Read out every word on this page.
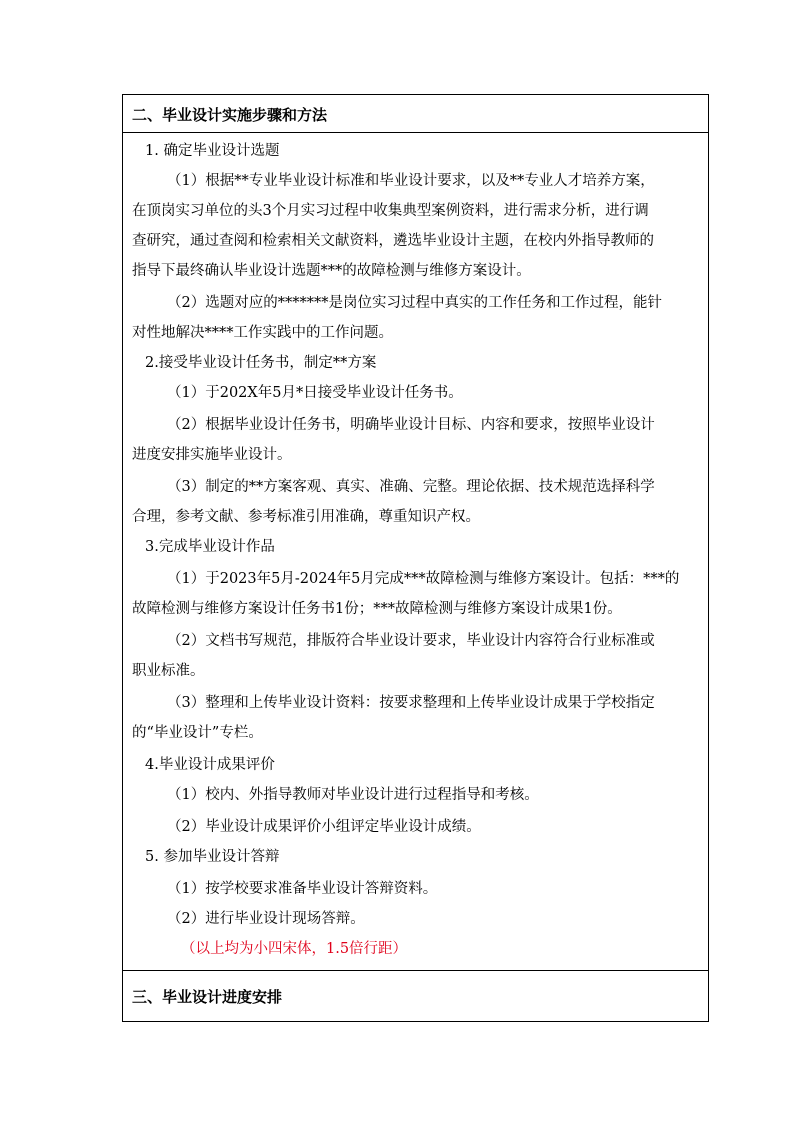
二、毕业设计实施步骤和方法
1. 确定毕业设计选题
（1）根据**专业毕业设计标准和毕业设计要求，以及**专业人才培养方案，
在顶岗实习单位的头3个月实习过程中收集典型案例资料，进行需求分析，进行调
查研究，通过查阅和检索相关文献资料，遴选毕业设计主题，在校内外指导教师的
指导下最终确认毕业设计选题***的故障检测与维修方案设计。
（2）选题对应的*******是岗位实习过程中真实的工作任务和工作过程，能针
对性地解决****工作实践中的工作问题。
2.接受毕业设计任务书，制定**方案
（1）于202X年5月*日接受毕业设计任务书。
（2）根据毕业设计任务书，明确毕业设计目标、内容和要求，按照毕业设计
进度安排实施毕业设计。
（3）制定的**方案客观、真实、准确、完整。理论依据、技术规范选择科学
合理，参考文献、参考标准引用准确，尊重知识产权。
3.完成毕业设计作品
（1）于2023年5月-2024年5月完成***故障检测与维修方案设计。包括：***的
故障检测与维修方案设计任务书1份；***故障检测与维修方案设计成果1份。
（2）文档书写规范，排版符合毕业设计要求，毕业设计内容符合行业标准或
职业标准。
（3）整理和上传毕业设计资料：按要求整理和上传毕业设计成果于学校指定
的“毕业设计”专栏。
4.毕业设计成果评价
（1）校内、外指导教师对毕业设计进行过程指导和考核。
（2）毕业设计成果评价小组评定毕业设计成绩。
5. 参加毕业设计答辩
（1）按学校要求准备毕业设计答辩资料。
（2）进行毕业设计现场答辩。
（以上均为小四宋体，1.5倍行距）
三、毕业设计进度安排
